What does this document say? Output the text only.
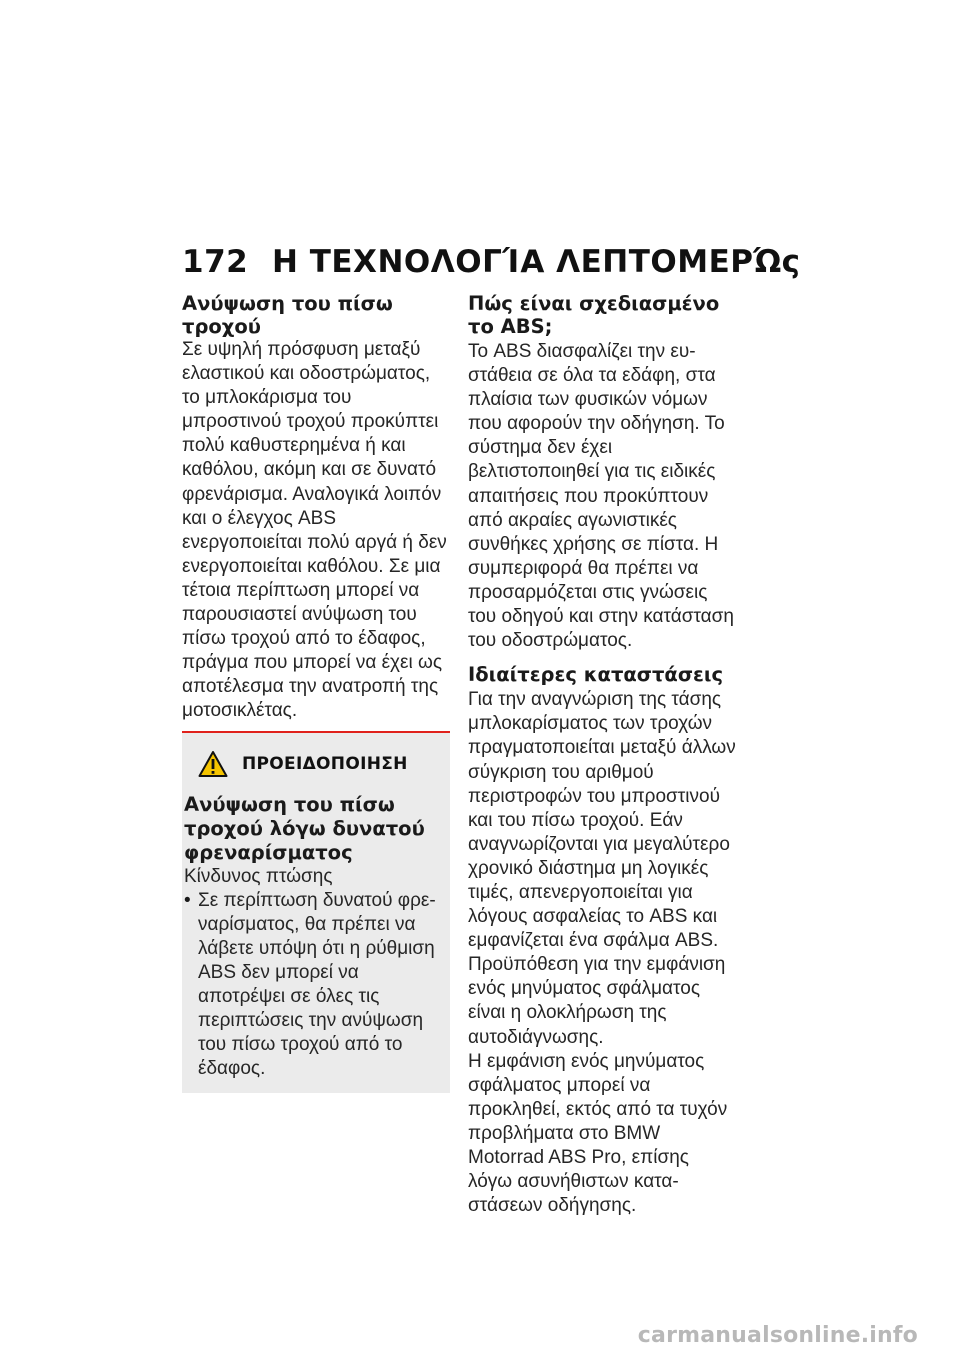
172 Η ΤΕΧΝΟΛΟΓΊΑ ΛΕΠΤΟΜΕΡΏς
Ανύψωση του πίσω τροχού

Σε υψηλή πρόσφυση μεταξύ ελαστικού και οδοστρώματος, το μπλοκάρισμα του μπροστινού τροχού προκύπτει πολύ καθυστερημένα ή και καθόλου, ακόμη και σε δυνατό φρενάρισμα. Αναλογικά λοιπόν και ο έλεγχος ABS ενεργοποιείται πολύ αργά ή δεν ενεργοποιείται καθόλου. Σε μια τέτοια περίπτωση μπορεί να παρουσιαστεί ανύψωση του πίσω τροχού από το έδαφος, πράγμα που μπορεί να έχει ως αποτέλεσμα την ανατροπή της μοτοσικλέτας.

ΠΡΟΕΙΔΟΠΟΙΗΣΗ
Ανύψωση του πίσω τροχού λόγω δυνατού φρεναρίσματος

Κίνδυνος πτώσης

• Σε περίπτωση δυνατού φρεναρίσματος, θα πρέπει να λάβετε υπόψη ότι η ρύθμιση ABS δεν μπορεί να αποτρέψει σε όλες τις περιπτώσεις την ανύψωση του πίσω τροχού από το έδαφος.

Πώς είναι σχεδιασμένο το ABS;

Το ABS διασφαλίζει την ευστάθεια σε όλα τα εδάφη, στα πλαίσια των φυσικών νόμων που αφορούν την οδήγηση. Το σύστημα δεν έχει βελτιστοποιηθεί για τις ειδικές απαιτήσεις που προκύπτουν από ακραίες αγωνιστικές συνθήκες χρήσης σε πίστα. Η συμπεριφορά θα πρέπει να προσαρμόζεται στις γνώσεις του οδηγού και στην κατάσταση του οδοστρώματος.

Ιδιαίτερες καταστάσεις

Για την αναγνώριση της τάσης μπλοκαρίσματος των τροχών πραγματοποιείται μεταξύ άλλων σύγκριση του αριθμού περιστροφών του μπροστινού και του πίσω τροχού. Εάν αναγνωρίζονται για μεγαλύτερο χρονικό διάστημα μη λογικές τιμές, απενεργοποιείται για λόγους ασφαλείας το ABS και εμφανίζεται ένα σφάλμα ABS. Προϋπόθεση για την εμφάνιση ενός μηνύματος σφάλματος είναι η ολοκλήρωση της αυτοδιάγνωσης.

Η εμφάνιση ενός μηνύματος σφάλματος μπορεί να προκληθεί, εκτός από τα τυχόν προβλήματα στο BMW Motorrad ABS Pro, επίσης λόγω ασυνήθιστων καταστάσεων οδήγησης.

carmanualsonline.info
